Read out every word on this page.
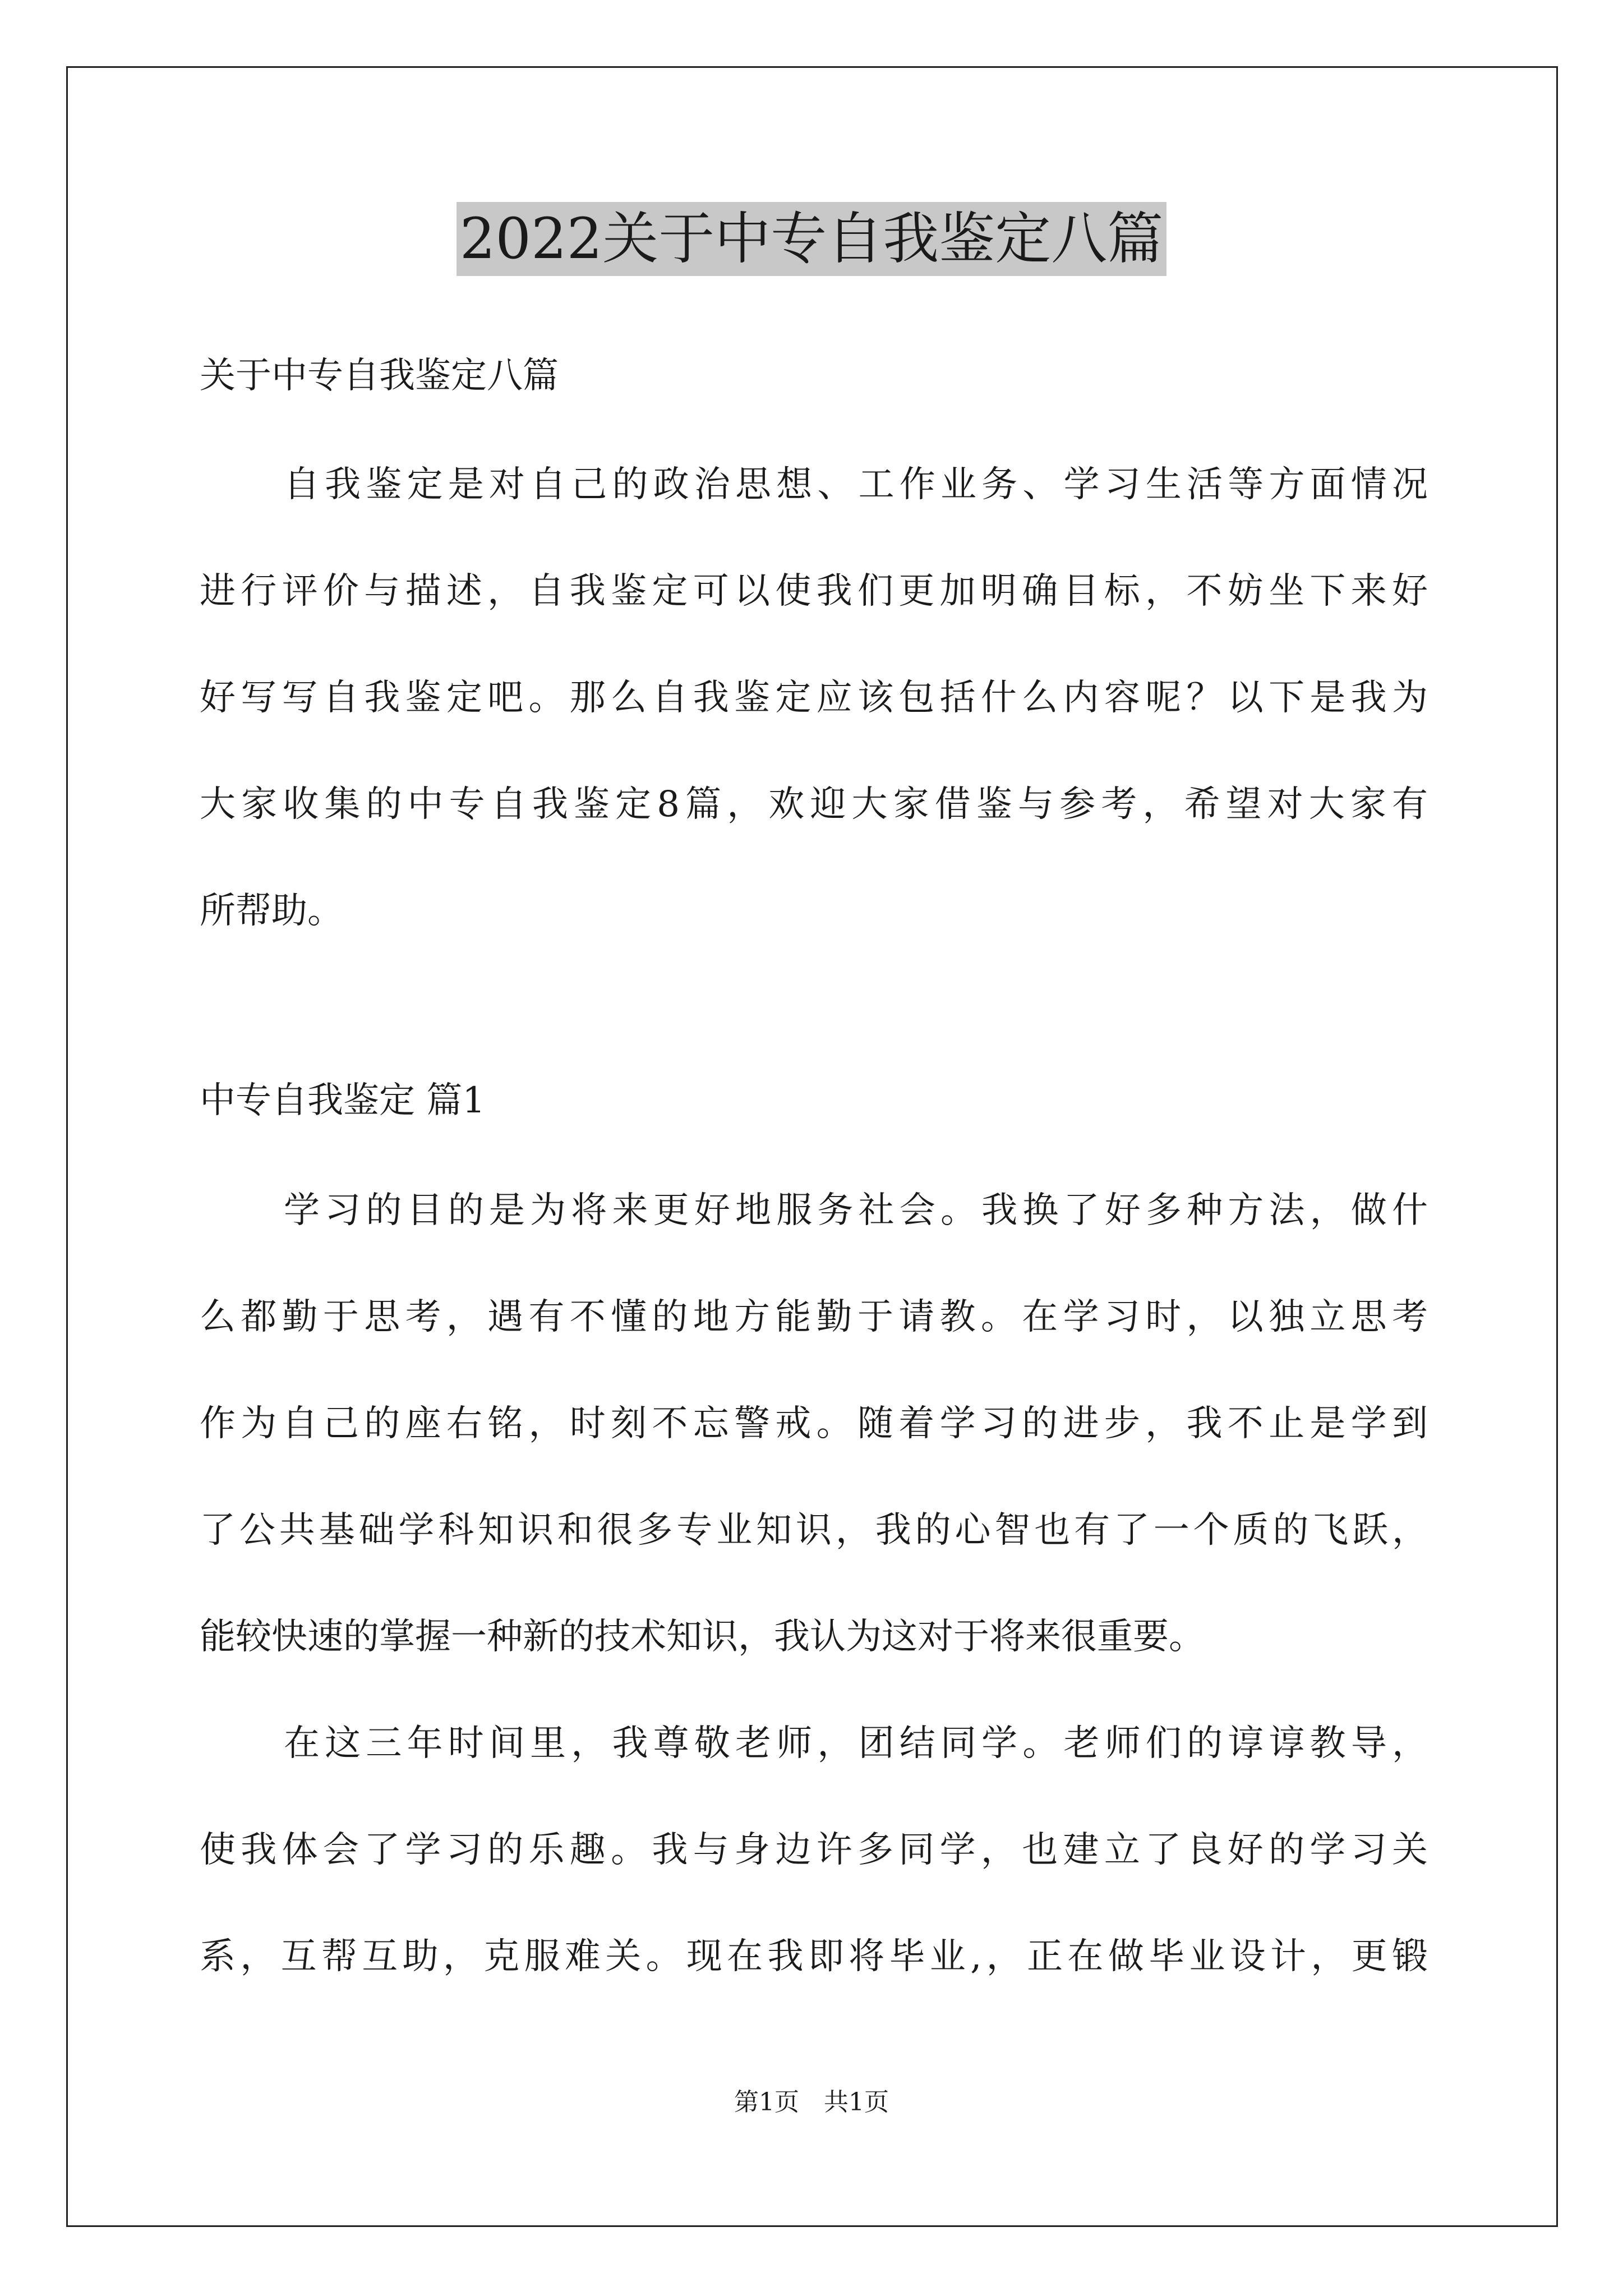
2022关于中专自我鉴定八篇
关于中专自我鉴定八篇
自我鉴定是对自己的政治思想、工作业务、学习生活等方面情况
进行评价与描述，自我鉴定可以使我们更加明确目标，不妨坐下来好
好写写自我鉴定吧。那么自我鉴定应该包括什么内容呢？以下是我为
大家收集的中专自我鉴定8篇，欢迎大家借鉴与参考，希望对大家有
所帮助。
中专自我鉴定 篇1
学习的目的是为将来更好地服务社会。我换了好多种方法，做什
么都勤于思考，遇有不懂的地方能勤于请教。在学习时，以独立思考
作为自己的座右铭，时刻不忘警戒。随着学习的进步，我不止是学到
了公共基础学科知识和很多专业知识，我的心智也有了一个质的飞跃，
能较快速的掌握一种新的技术知识，我认为这对于将来很重要。
在这三年时间里，我尊敬老师，团结同学。老师们的谆谆教导，
使我体会了学习的乐趣。我与身边许多同学，也建立了良好的学习关
系，互帮互助，克服难关。现在我即将毕业,，正在做毕业设计，更锻
第1页　共1页
